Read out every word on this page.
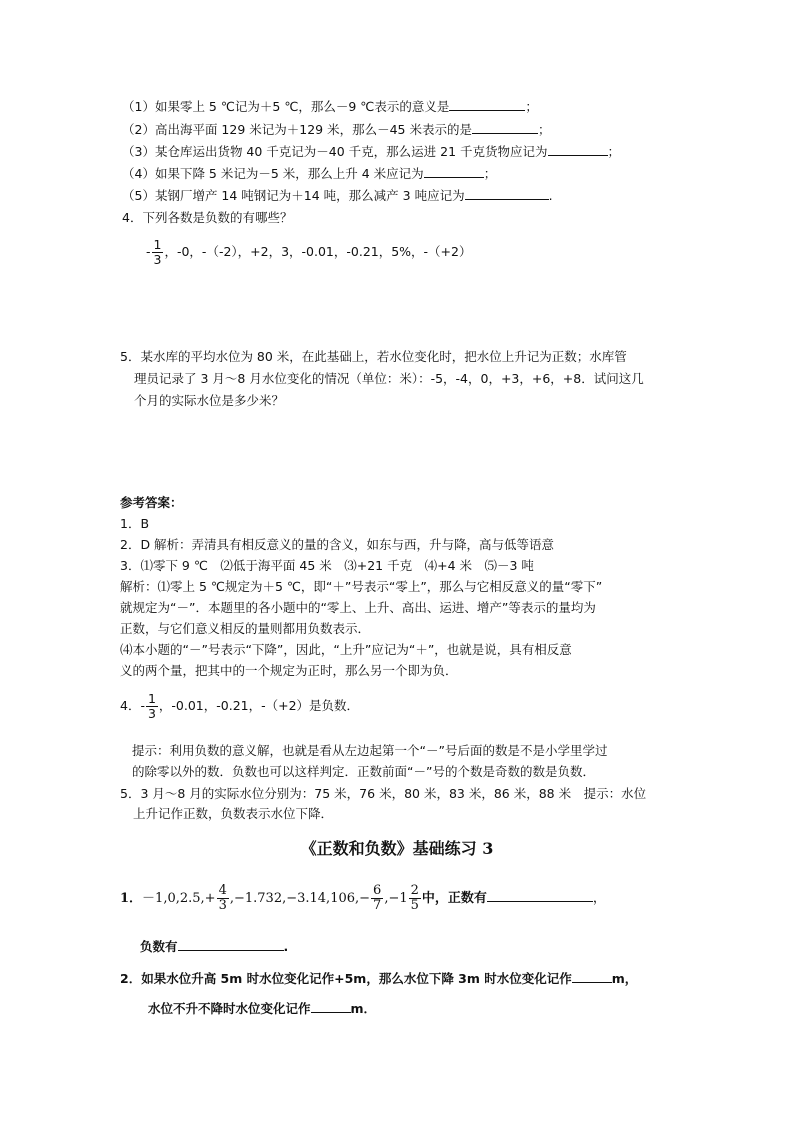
（1）如果零上 5 ℃记为＋5 ℃，那么－9 ℃表示的意义是	；
（2）高出海平面 129 米记为＋129 米，那么－45 米表示的是	；
（3）某仓库运出货物 40 千克记为－40 千克，那么运进 21 千克货物应记为	；
（4）如果下降 5 米记为－5 米，那么上升 4 米应记为	；
（5）某钢厂增产 14 吨钢记为＋14 吨，那么减产 3 吨应记为	.
4．下列各数是负数的有哪些？
- $\frac{1}{3}$ ，-0，-（-2），+2，3，-0.01，-0.21，5%，-（+2）
5．某水库的平均水位为 80 米，在此基础上，若水位变化时，把水位上升记为正数；水库管
理员记录了 3 月～8 月水位变化的情况（单位：米）：-5，-4，0，+3，+6，+8．试问这几
个月的实际水位是多少米？
参考答案：
1．B
2．D 解析：弄清具有相反意义的量的含义，如东与西，升与降，高与低等语意
3．⑴零下 9 ℃　⑵低于海平面 45 米　⑶+21 千克　⑷+4 米　⑸－3 吨
解析：⑴零上 5 ℃规定为＋5 ℃，即“＋”号表示“零上”，那么与它相反意义的量“零下”
就规定为“－”．本题里的各小题中的“零上、上升、高出、运进、增产”等表示的量均为
正数，与它们意义相反的量则都用负数表示．
⑷本小题的“－”号表示“下降”，因此，“上升”应记为“＋”，也就是说，具有相反意
义的两个量，把其中的一个规定为正时，那么另一个即为负．
4．- $\frac{1}{3}$ ，-0.01，-0.21，-（+2）是负数．
提示：利用负数的意义解，也就是看从左边起第一个“－”号后面的数是不是小学里学过
的除零以外的数．负数也可以这样判定．正数前面“－”号的个数是奇数的数是负数．
5．3 月～8 月的实际水位分别为：75 米，76 米，80 米，83 米，86 米，88 米　提示：水位
上升记作正数，负数表示水位下降．
《正数和负数》基础练习 3
1．$-1,0,2.5,+ \frac{4}{3} ,-1.732,-3.14,106,- \frac{6}{7} ,-1 \frac{2}{5}$ 中，正数有	，
负数有	.
2．如果水位升高 5m 时水位变化记作+5m，那么水位下降 3m 时水位变化记作	m，
水位不升不降时水位变化记作	m．
